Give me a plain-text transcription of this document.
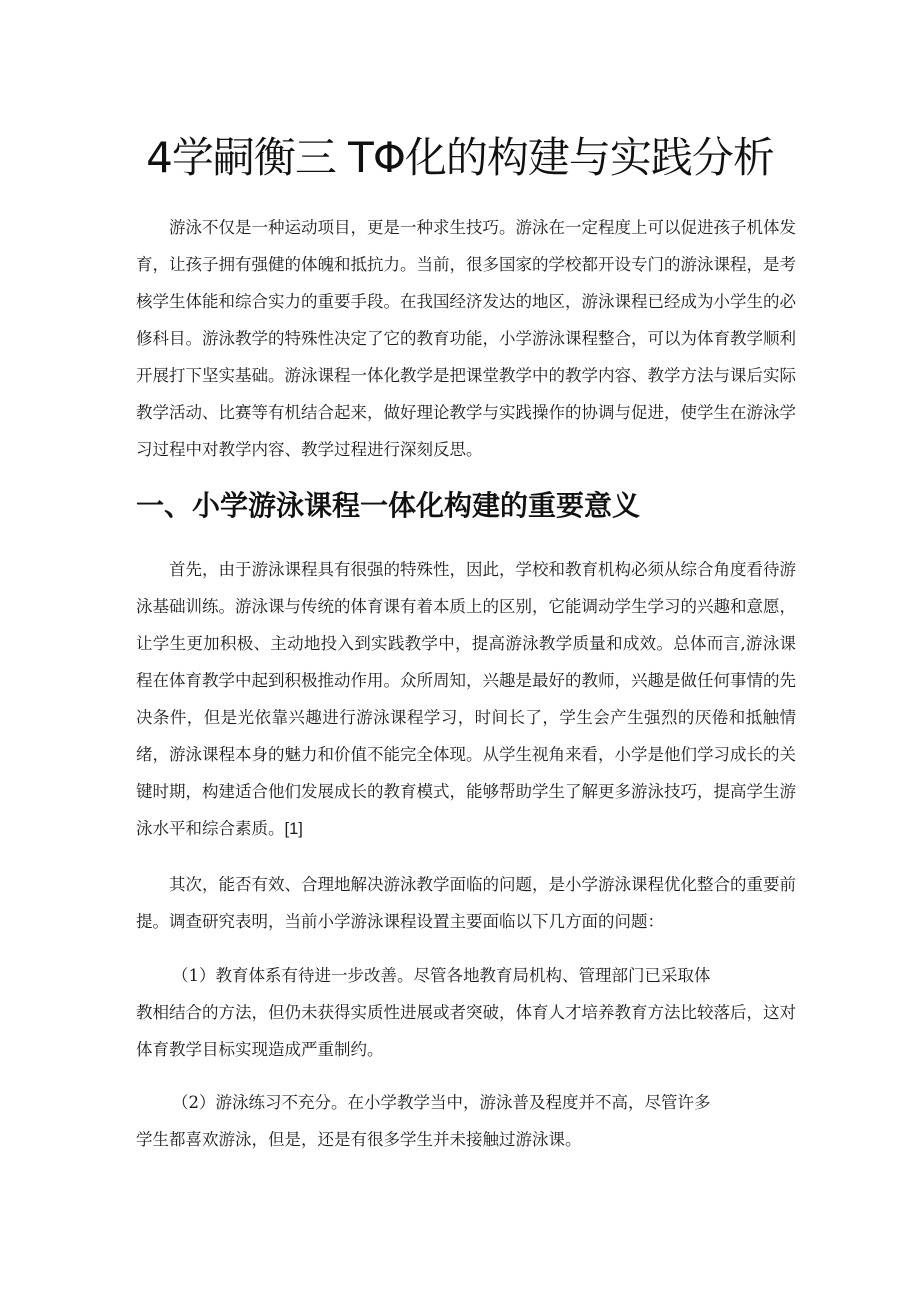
4学嗣衡三 TΦ化的构建与实践分析

游泳不仅是一种运动项目，更是一种求生技巧。游泳在一定程度上可以促进孩子机体发育，让孩子拥有强健的体魄和抵抗力。当前，很多国家的学校都开设专门的游泳课程，是考核学生体能和综合实力的重要手段。在我国经济发达的地区，游泳课程已经成为小学生的必修科目。游泳教学的特殊性决定了它的教育功能，小学游泳课程整合，可以为体育教学顺利开展打下坚实基础。游泳课程一体化教学是把课堂教学中的教学内容、教学方法与课后实际教学活动、比赛等有机结合起来，做好理论教学与实践操作的协调与促进，使学生在游泳学习过程中对教学内容、教学过程进行深刻反思。

一、小学游泳课程一体化构建的重要意义

首先，由于游泳课程具有很强的特殊性，因此，学校和教育机构必须从综合角度看待游泳基础训练。游泳课与传统的体育课有着本质上的区别，它能调动学生学习的兴趣和意愿，让学生更加积极、主动地投入到实践教学中，提高游泳教学质量和成效。总体而言,游泳课程在体育教学中起到积极推动作用。众所周知，兴趣是最好的教师，兴趣是做任何事情的先决条件，但是光依靠兴趣进行游泳课程学习，时间长了，学生会产生强烈的厌倦和抵触情绪，游泳课程本身的魅力和价值不能完全体现。从学生视角来看，小学是他们学习成长的关键时期，构建适合他们发展成长的教育模式，能够帮助学生了解更多游泳技巧，提高学生游泳水平和综合素质。[1]

其次，能否有效、合理地解决游泳教学面临的问题，是小学游泳课程优化整合的重要前提。调查研究表明，当前小学游泳课程设置主要面临以下几方面的问题：

（1）教育体系有待进一步改善。尽管各地教育局机构、管理部门已采取体
教相结合的方法，但仍未获得实质性进展或者突破，体育人才培养教育方法比较落后，这对体育教学目标实现造成严重制约。

（2）游泳练习不充分。在小学教学当中，游泳普及程度并不高，尽管许多
学生都喜欢游泳，但是，还是有很多学生并未接触过游泳课。
